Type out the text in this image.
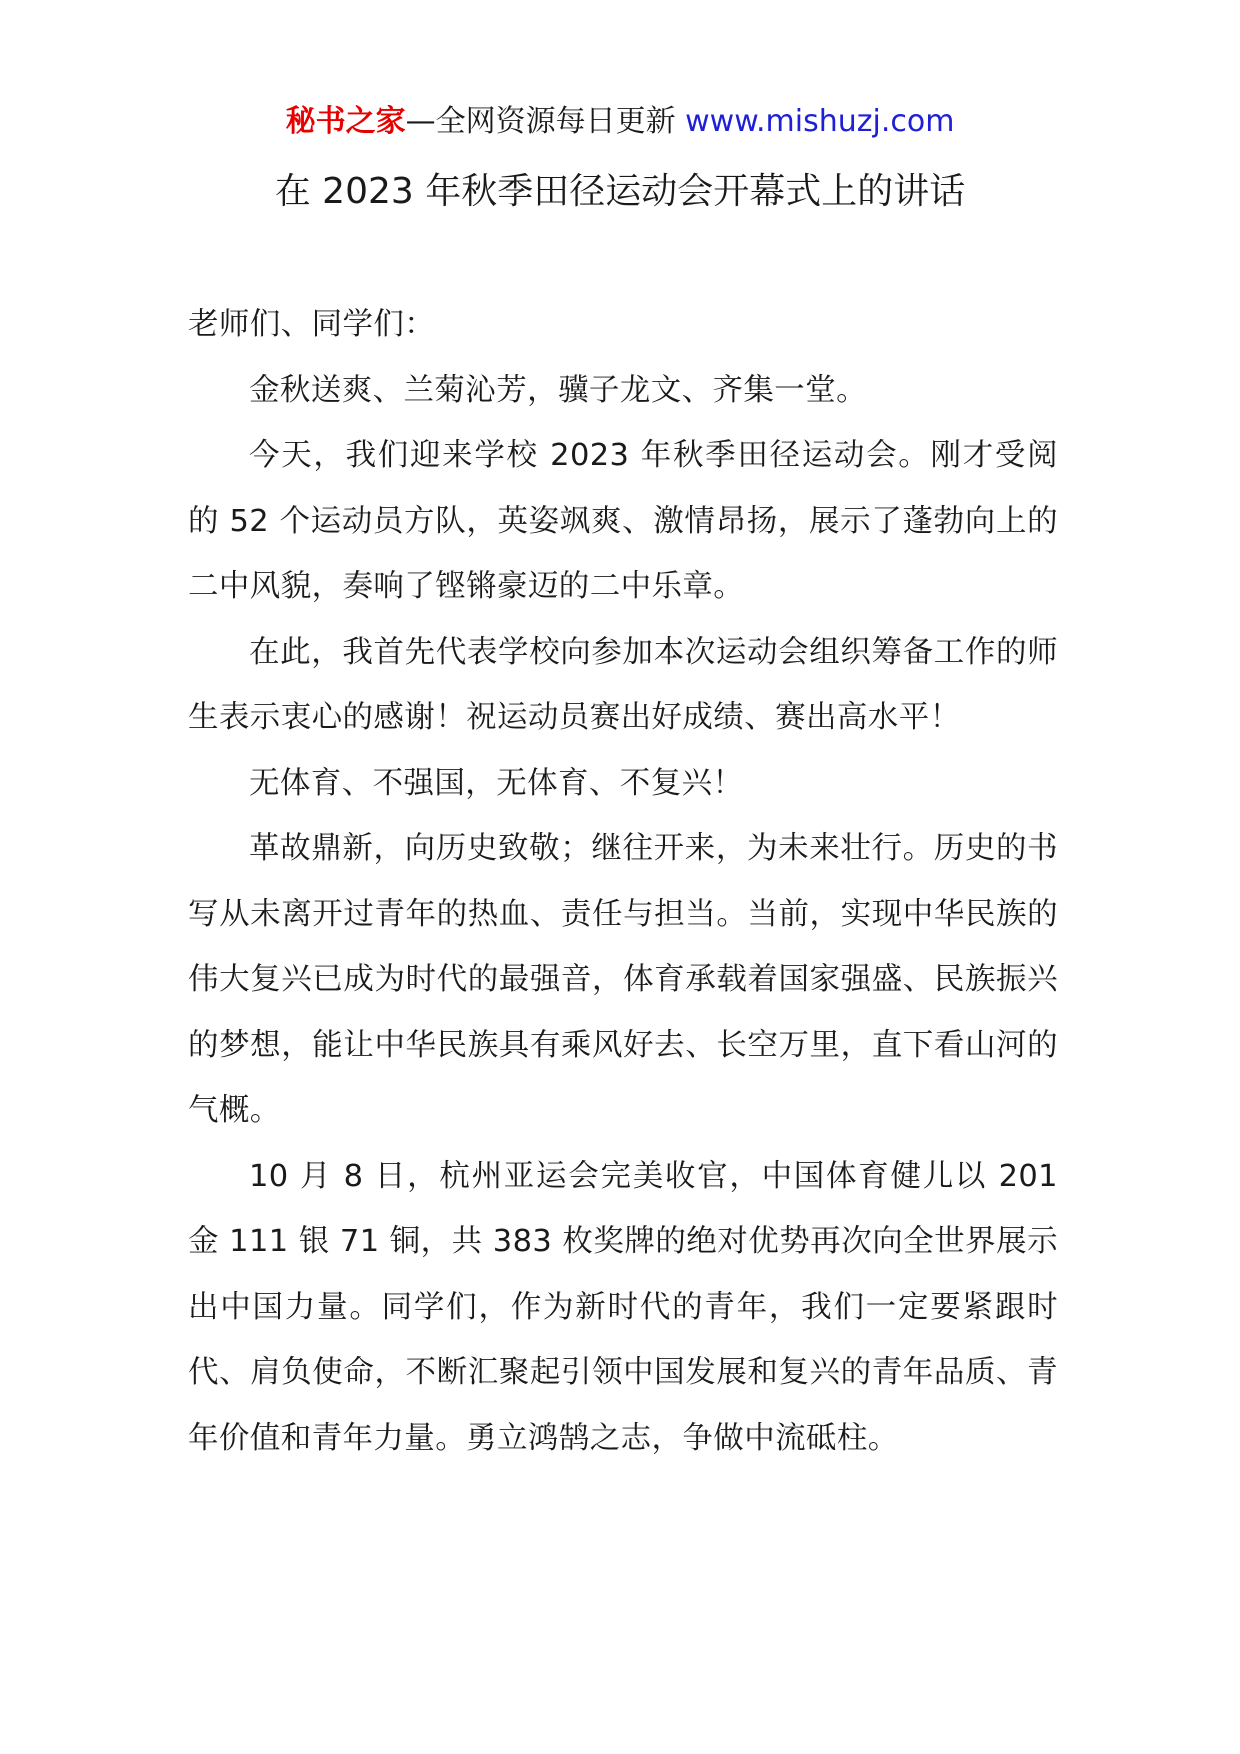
秘书之家—全网资源每日更新 www.mishuzj.com
在 2023 年秋季田径运动会开幕式上的讲话

老师们、同学们：

金秋送爽、兰菊沁芳，骥子龙文、齐集一堂。

今天，我们迎来学校 2023 年秋季田径运动会。刚才受阅的 52 个运动员方队，英姿飒爽、激情昂扬，展示了蓬勃向上的二中风貌，奏响了铿锵豪迈的二中乐章。

在此，我首先代表学校向参加本次运动会组织筹备工作的师生表示衷心的感谢！祝运动员赛出好成绩、赛出高水平！

无体育、不强国，无体育、不复兴！

革故鼎新，向历史致敬；继往开来，为未来壮行。历史的书写从未离开过青年的热血、责任与担当。当前，实现中华民族的伟大复兴已成为时代的最强音，体育承载着国家强盛、民族振兴的梦想，能让中华民族具有乘风好去、长空万里，直下看山河的气概。

10 月 8 日，杭州亚运会完美收官，中国体育健儿以 201 金 111 银 71 铜，共 383 枚奖牌的绝对优势再次向全世界展示出中国力量。同学们，作为新时代的青年，我们一定要紧跟时代、肩负使命，不断汇聚起引领中国发展和复兴的青年品质、青年价值和青年力量。勇立鸿鹄之志，争做中流砥柱。
